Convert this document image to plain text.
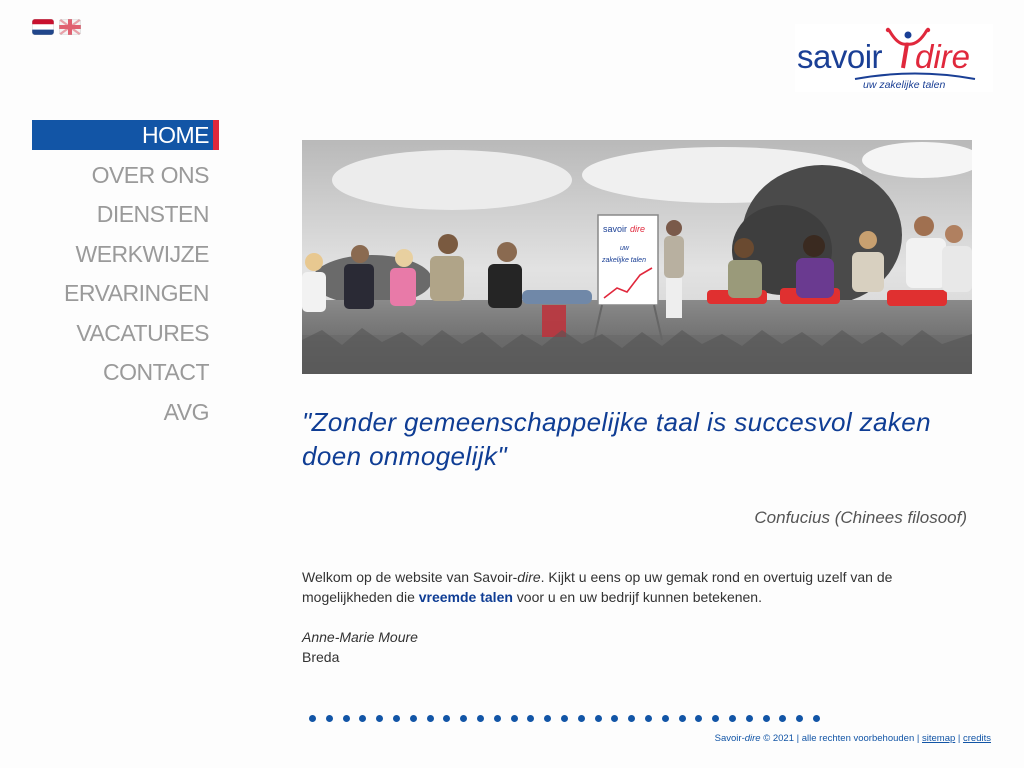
savoir dire
uw zakelijke talen
HOME
OVER ONS
DIENSTEN
WERKWIJZE
ERVARINGEN
VACATURES
CONTACT
AVG
savoir dire
uw
zakelijke talen

"Zonder gemeenschappelijke taal is succesvol zaken doen onmogelijk"

Confucius (Chinees filosoof)

Welkom op de website van Savoir-dire. Kijkt u eens op uw gemak rond en overtuig uzelf van de mogelijkheden die vreemde talen voor u en uw bedrijf kunnen betekenen.

Anne-Marie Moure
Breda
Savoir-dire © 2021 | alle rechten voorbehouden | sitemap | credits
